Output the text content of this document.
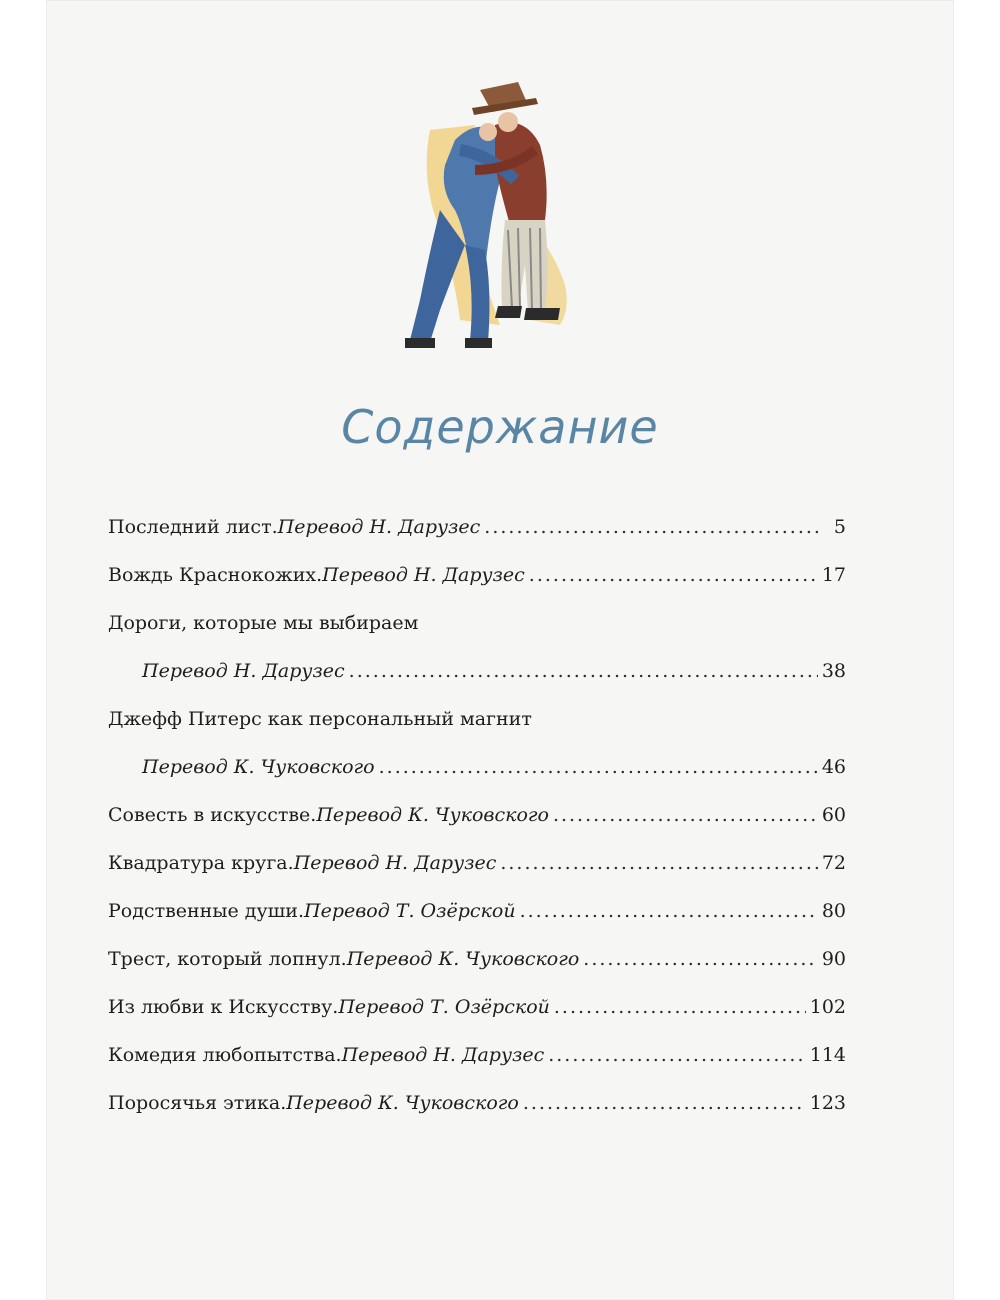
Содержание
Последний лист. Перевод Н. Дарузес .....	5
Вождь Краснокожих. Перевод Н. Дарузес .....	17
Дороги, которые мы выбираем
Перевод Н. Дарузес .....	38
Джефф Питерс как персональный магнит
Перевод К. Чуковского .....	46
Совесть в искусстве. Перевод К. Чуковского .....	60
Квадратура круга. Перевод Н. Дарузес .....	72
Родственные души. Перевод Т. Озёрской .....	80
Трест, который лопнул. Перевод К. Чуковского .....	90
Из любви к Искусству. Перевод Т. Озёрской .....	102
Комедия любопытства. Перевод Н. Дарузес .....	114
Поросячья этика. Перевод К. Чуковского .....	123
